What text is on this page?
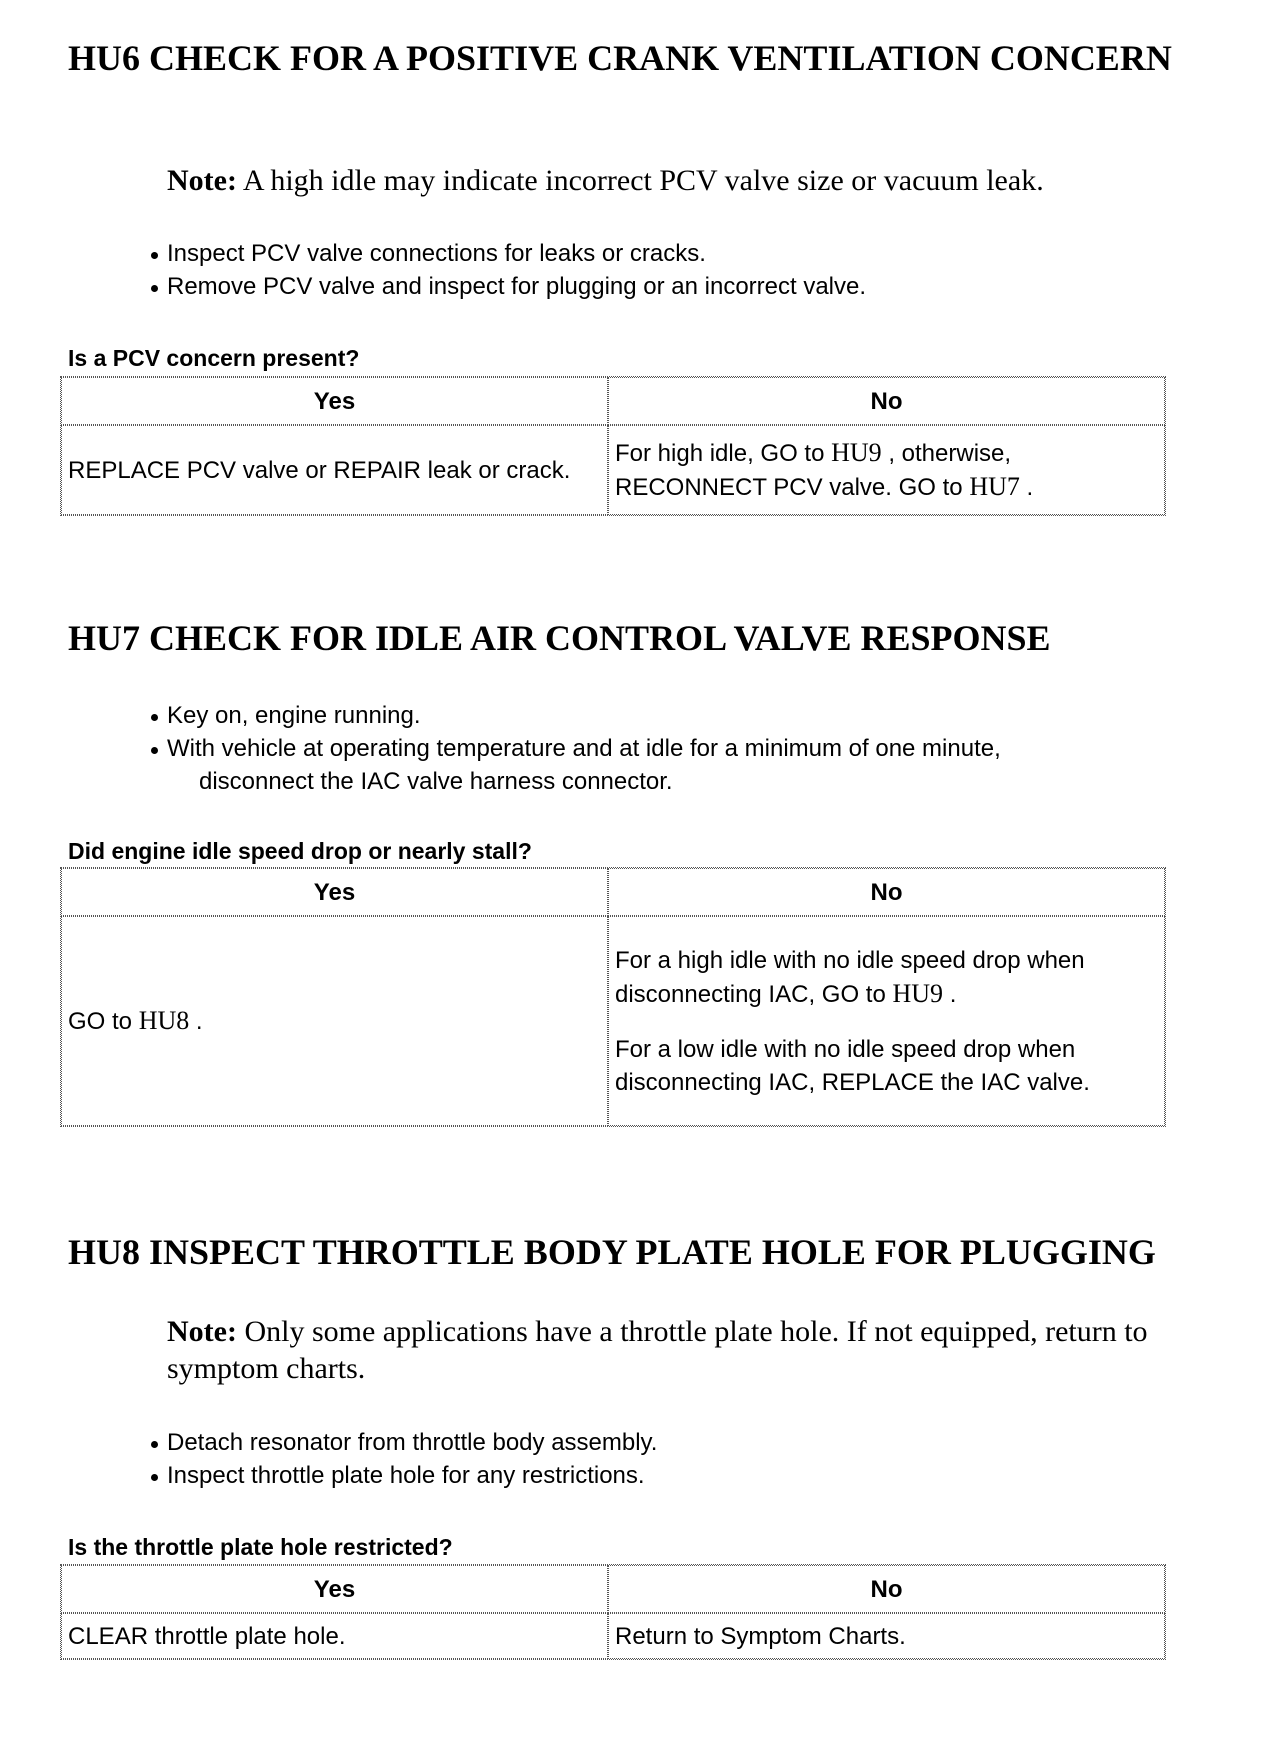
HU6 CHECK FOR A POSITIVE CRANK VENTILATION CONCERN
Note: A high idle may indicate incorrect PCV valve size or vacuum leak.
Inspect PCV valve connections for leaks or cracks.
Remove PCV valve and inspect for plugging or an incorrect valve.
Is a PCV concern present?
Yes	No
REPLACE PCV valve or REPAIR leak or crack.	For high idle, GO to HU9 , otherwise, RECONNECT PCV valve. GO to HU7 .
HU7 CHECK FOR IDLE AIR CONTROL VALVE RESPONSE
Key on, engine running.
With vehicle at operating temperature and at idle for a minimum of one minute,
disconnect the IAC valve harness connector.
Did engine idle speed drop or nearly stall?
Yes	No
GO to HU8 .	For a high idle with no idle speed drop when disconnecting IAC, GO to HU9 .
For a low idle with no idle speed drop when disconnecting IAC, REPLACE the IAC valve.
HU8 INSPECT THROTTLE BODY PLATE HOLE FOR PLUGGING
Note: Only some applications have a throttle plate hole. If not equipped, return to symptom charts.
Detach resonator from throttle body assembly.
Inspect throttle plate hole for any restrictions.
Is the throttle plate hole restricted?
Yes	No
CLEAR throttle plate hole.	Return to Symptom Charts.
